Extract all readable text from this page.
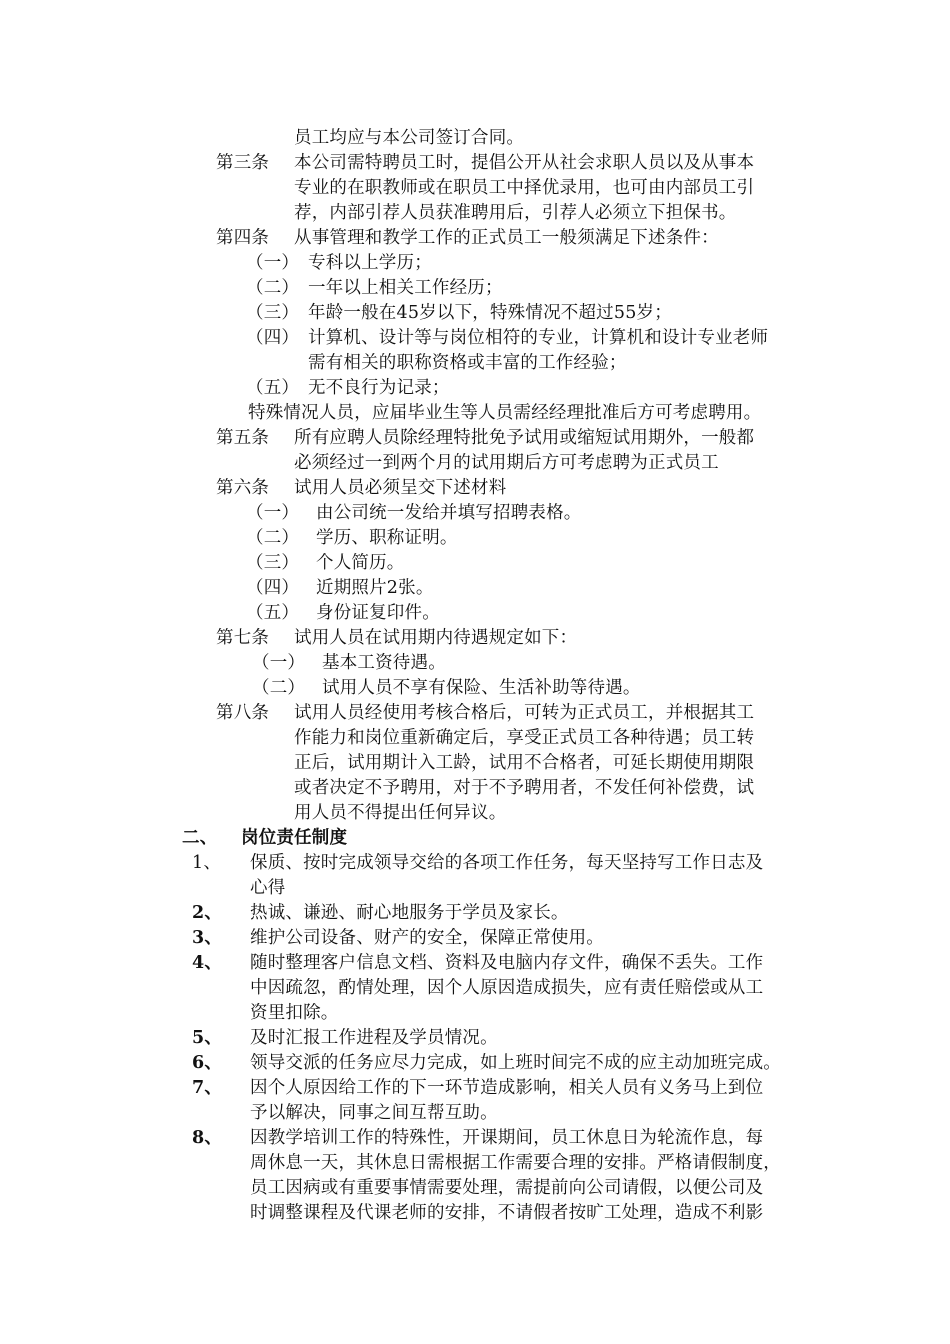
员工均应与本公司签订合同。
第三条 本公司需特聘员工时，提倡公开从社会求职人员以及从事本
专业的在职教师或在职员工中择优录用，也可由内部员工引
荐，内部引荐人员获准聘用后，引荐人必须立下担保书。
第四条 从事管理和教学工作的正式员工一般须满足下述条件：
（一） 专科以上学历；
（二） 一年以上相关工作经历；
（三） 年龄一般在45岁以下，特殊情况不超过55岁；
（四） 计算机、设计等与岗位相符的专业，计算机和设计专业老师
需有相关的职称资格或丰富的工作经验；
（五） 无不良行为记录；
特殊情况人员，应届毕业生等人员需经经理批准后方可考虑聘用。
第五条 所有应聘人员除经理特批免予试用或缩短试用期外，一般都
必须经过一到两个月的试用期后方可考虑聘为正式员工
第六条 试用人员必须呈交下述材料
（一） 由公司统一发给并填写招聘表格。
（二） 学历、职称证明。
（三） 个人简历。
（四） 近期照片2张。
（五） 身份证复印件。
第七条 试用人员在试用期内待遇规定如下：
（一） 基本工资待遇。
（二） 试用人员不享有保险、生活补助等待遇。
第八条 试用人员经使用考核合格后，可转为正式员工，并根据其工
作能力和岗位重新确定后，享受正式员工各种待遇；员工转
正后，试用期计入工龄，试用不合格者，可延长期使用期限
或者决定不予聘用，对于不予聘用者，不发任何补偿费，试
用人员不得提出任何异议。
二、 岗位责任制度
1、 保质、按时完成领导交给的各项工作任务，每天坚持写工作日志及
心得
2、 热诚、谦逊、耐心地服务于学员及家长。
3、 维护公司设备、财产的安全，保障正常使用。
4、 随时整理客户信息文档、资料及电脑内存文件，确保不丢失。工作
中因疏忽，酌情处理，因个人原因造成损失，应有责任赔偿或从工
资里扣除。
5、 及时汇报工作进程及学员情况。
6、 领导交派的任务应尽力完成，如上班时间完不成的应主动加班完成。
7、 因个人原因给工作的下一环节造成影响，相关人员有义务马上到位
予以解决，同事之间互帮互助。
8、 因教学培训工作的特殊性，开课期间，员工休息日为轮流作息，每
周休息一天，其休息日需根据工作需要合理的安排。严格请假制度，
员工因病或有重要事情需要处理，需提前向公司请假，以便公司及
时调整课程及代课老师的安排，不请假者按旷工处理，造成不利影
